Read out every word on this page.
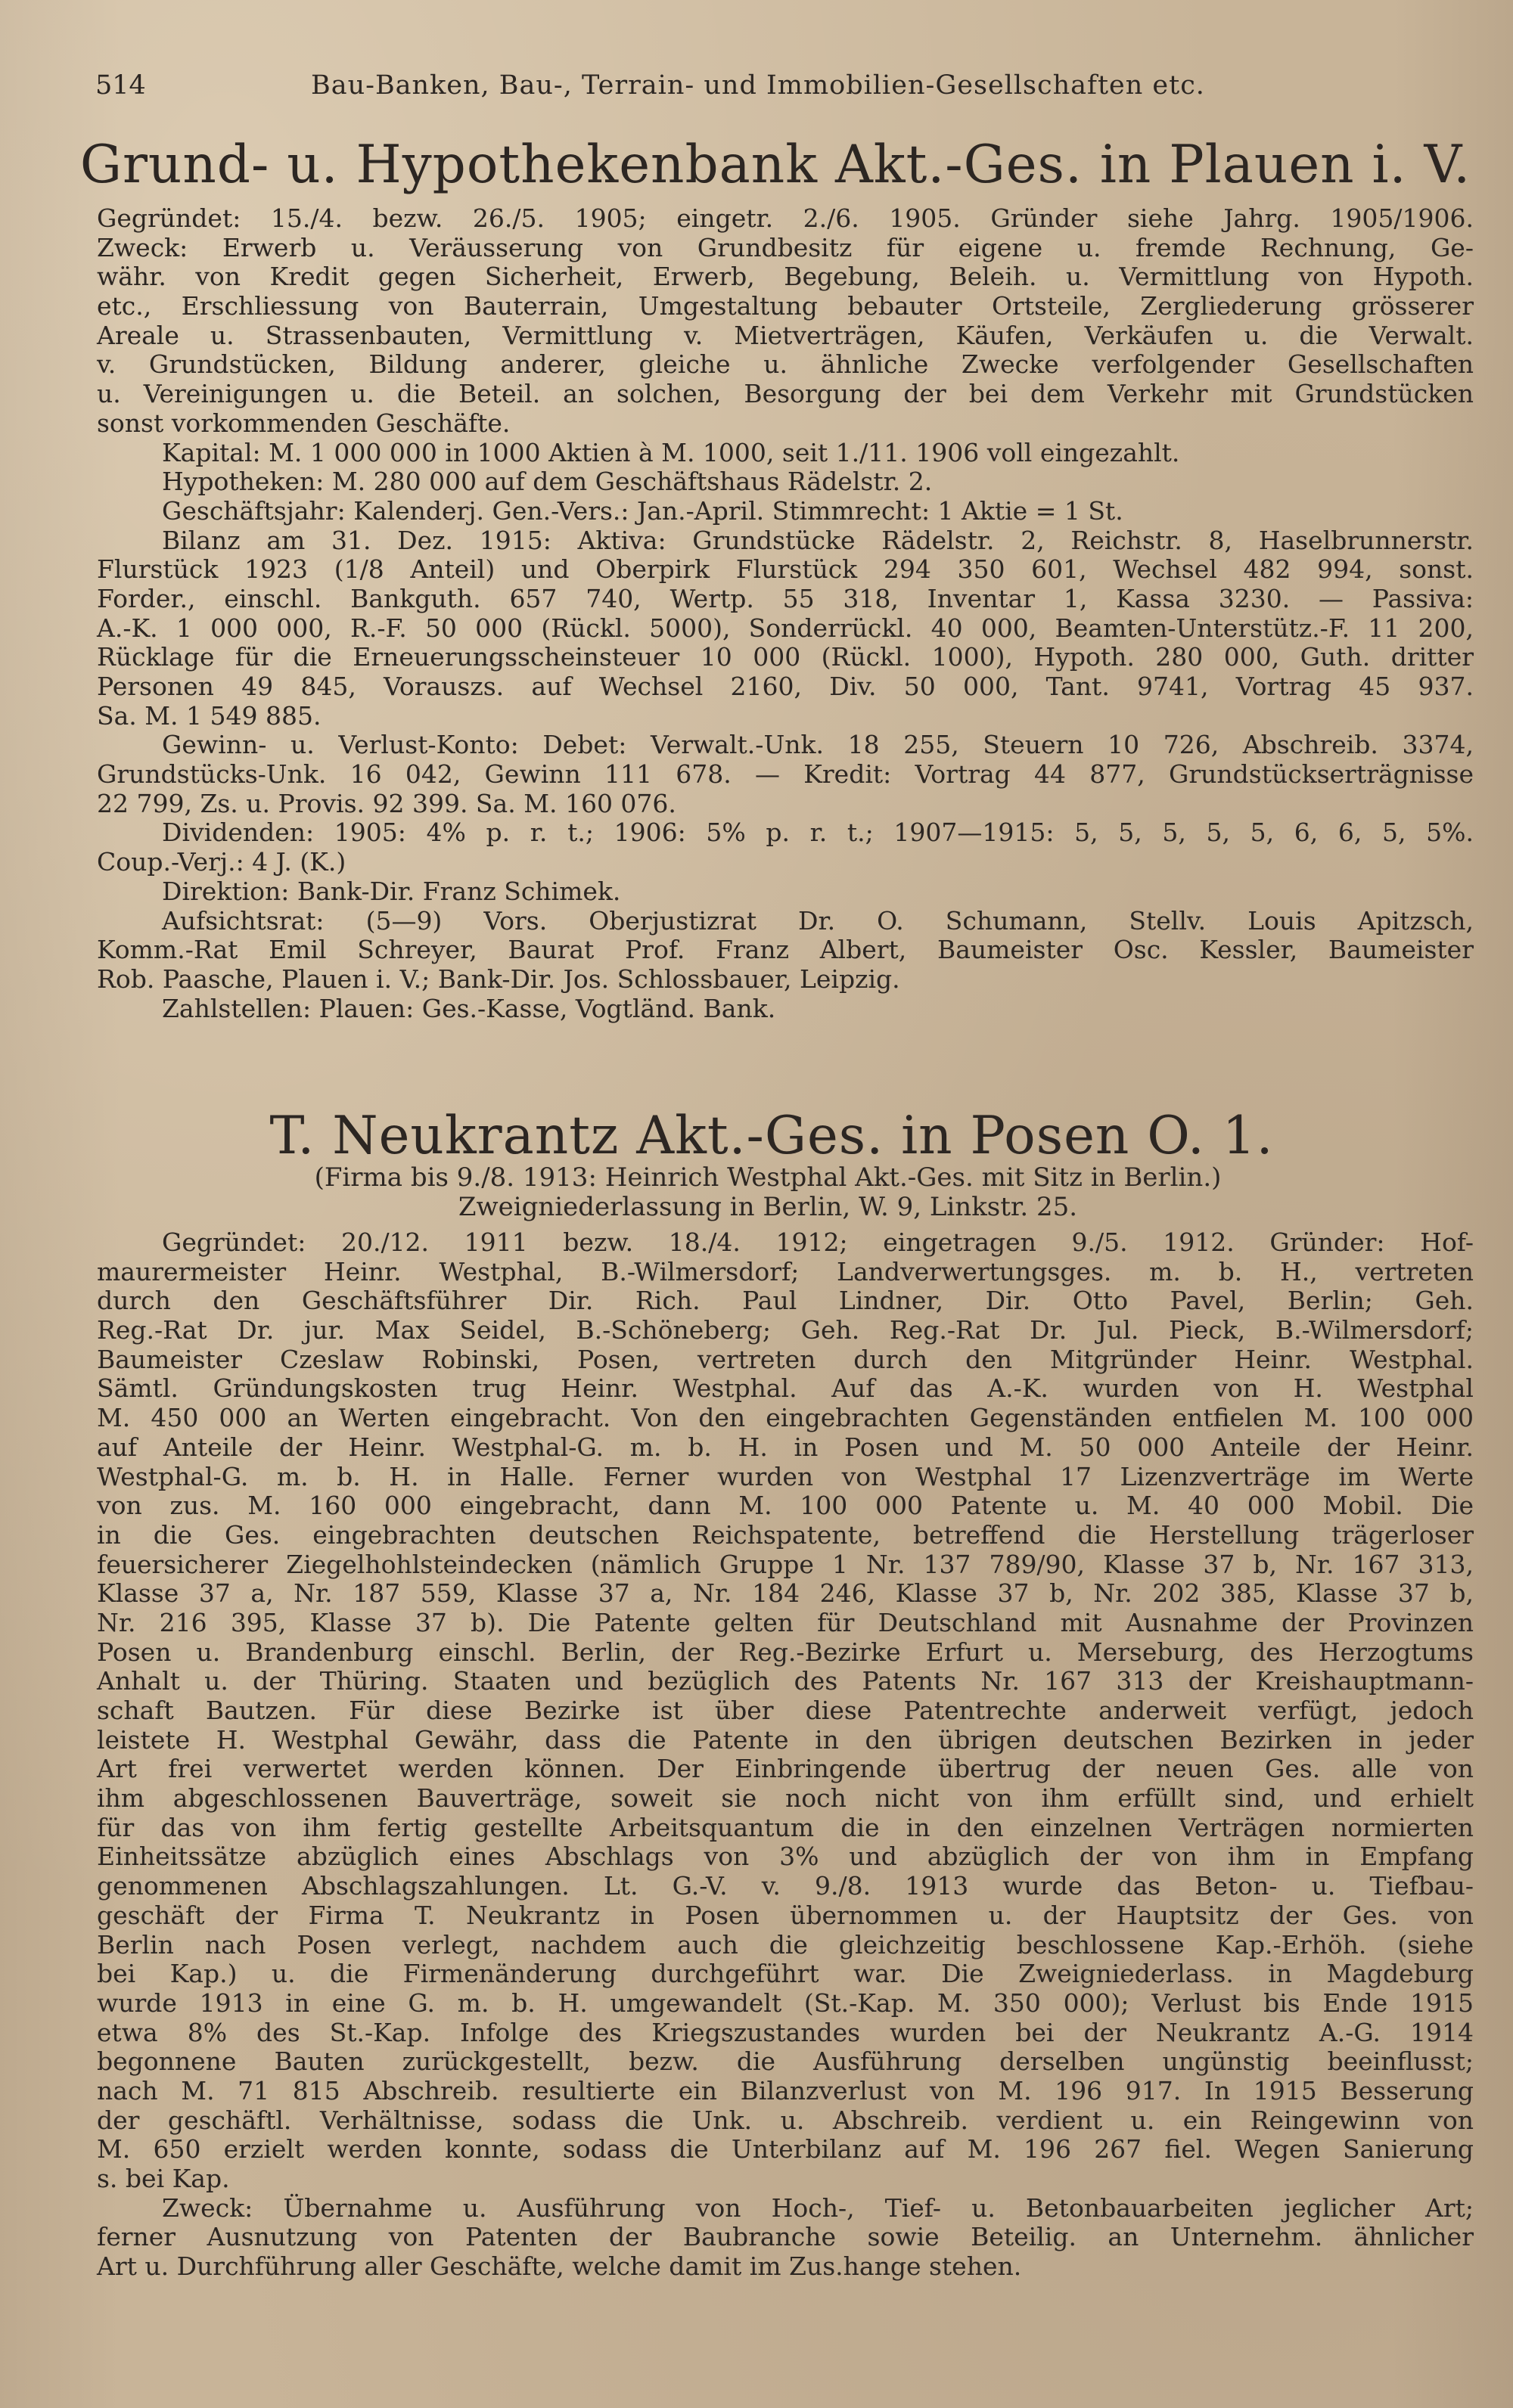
514	Bau-Banken, Bau-, Terrain- und Immobilien-Gesellschaften etc.
Grund- u. Hypothekenbank Akt.-Ges. in Plauen i. V.
Gegründet: 15./4. bezw. 26./5. 1905; eingetr. 2./6. 1905. Gründer siehe Jahrg. 1905/1906.
Zweck: Erwerb u. Veräusserung von Grundbesitz für eigene u. fremde Rechnung, Ge-
währ. von Kredit gegen Sicherheit, Erwerb, Begebung, Beleih. u. Vermittlung von Hypoth.
etc., Erschliessung von Bauterrain, Umgestaltung bebauter Ortsteile, Zergliederung grösserer
Areale u. Strassenbauten, Vermittlung v. Mietverträgen, Käufen, Verkäufen u. die Verwalt.
v. Grundstücken, Bildung anderer, gleiche u. ähnliche Zwecke verfolgender Gesellschaften
u. Vereinigungen u. die Beteil. an solchen, Besorgung der bei dem Verkehr mit Grundstücken
sonst vorkommenden Geschäfte.
Kapital: M. 1 000 000 in 1000 Aktien à M. 1000, seit 1./11. 1906 voll eingezahlt.
Hypotheken: M. 280 000 auf dem Geschäftshaus Rädelstr. 2.
Geschäftsjahr: Kalenderj. Gen.-Vers.: Jan.-April. Stimmrecht: 1 Aktie = 1 St.
Bilanz am 31. Dez. 1915: Aktiva: Grundstücke Rädelstr. 2, Reichstr. 8, Haselbrunnerstr.
Flurstück 1923 (1/8 Anteil) und Oberpirk Flurstück 294 350 601, Wechsel 482 994, sonst.
Forder., einschl. Bankguth. 657 740, Wertp. 55 318, Inventar 1, Kassa 3230. — Passiva:
A.-K. 1 000 000, R.-F. 50 000 (Rückl. 5000), Sonderrückl. 40 000, Beamten-Unterstütz.-F. 11 200,
Rücklage für die Erneuerungsscheinsteuer 10 000 (Rückl. 1000), Hypoth. 280 000, Guth. dritter
Personen 49 845, Vorauszs. auf Wechsel 2160, Div. 50 000, Tant. 9741, Vortrag 45 937.
Sa. M. 1 549 885.
Gewinn- u. Verlust-Konto: Debet: Verwalt.-Unk. 18 255, Steuern 10 726, Abschreib. 3374,
Grundstücks-Unk. 16 042, Gewinn 111 678. — Kredit: Vortrag 44 877, Grundstückserträgnisse
22 799, Zs. u. Provis. 92 399. Sa. M. 160 076.
Dividenden: 1905: 4% p. r. t.; 1906: 5% p. r. t.; 1907—1915: 5, 5, 5, 5, 5, 6, 6, 5, 5%.
Coup.-Verj.: 4 J. (K.)
Direktion: Bank-Dir. Franz Schimek.
Aufsichtsrat: (5—9) Vors. Oberjustizrat Dr. O. Schumann, Stellv. Louis Apitzsch,
Komm.-Rat Emil Schreyer, Baurat Prof. Franz Albert, Baumeister Osc. Kessler, Baumeister
Rob. Paasche, Plauen i. V.; Bank-Dir. Jos. Schlossbauer, Leipzig.
Zahlstellen: Plauen: Ges.-Kasse, Vogtländ. Bank.
T. Neukrantz Akt.-Ges. in Posen O. 1.
(Firma bis 9./8. 1913: Heinrich Westphal Akt.-Ges. mit Sitz in Berlin.)
Zweigniederlassung in Berlin, W. 9, Linkstr. 25.
Gegründet: 20./12. 1911 bezw. 18./4. 1912; eingetragen 9./5. 1912. Gründer: Hof-
maurermeister Heinr. Westphal, B.-Wilmersdorf; Landverwertungsges. m. b. H., vertreten
durch den Geschäftsführer Dir. Rich. Paul Lindner, Dir. Otto Pavel, Berlin; Geh.
Reg.-Rat Dr. jur. Max Seidel, B.-Schöneberg; Geh. Reg.-Rat Dr. Jul. Pieck, B.-Wilmersdorf;
Baumeister Czeslaw Robinski, Posen, vertreten durch den Mitgründer Heinr. Westphal.
Sämtl. Gründungskosten trug Heinr. Westphal. Auf das A.-K. wurden von H. Westphal
M. 450 000 an Werten eingebracht. Von den eingebrachten Gegenständen entfielen M. 100 000
auf Anteile der Heinr. Westphal-G. m. b. H. in Posen und M. 50 000 Anteile der Heinr.
Westphal-G. m. b. H. in Halle. Ferner wurden von Westphal 17 Lizenzverträge im Werte
von zus. M. 160 000 eingebracht, dann M. 100 000 Patente u. M. 40 000 Mobil. Die
in die Ges. eingebrachten deutschen Reichspatente, betreffend die Herstellung trägerloser
feuersicherer Ziegelhohlsteindecken (nämlich Gruppe 1 Nr. 137 789/90, Klasse 37 b, Nr. 167 313,
Klasse 37 a, Nr. 187 559, Klasse 37 a, Nr. 184 246, Klasse 37 b, Nr. 202 385, Klasse 37 b,
Nr. 216 395, Klasse 37 b). Die Patente gelten für Deutschland mit Ausnahme der Provinzen
Posen u. Brandenburg einschl. Berlin, der Reg.-Bezirke Erfurt u. Merseburg, des Herzogtums
Anhalt u. der Thüring. Staaten und bezüglich des Patents Nr. 167 313 der Kreishauptmann-
schaft Bautzen. Für diese Bezirke ist über diese Patentrechte anderweit verfügt, jedoch
leistete H. Westphal Gewähr, dass die Patente in den übrigen deutschen Bezirken in jeder
Art frei verwertet werden können. Der Einbringende übertrug der neuen Ges. alle von
ihm abgeschlossenen Bauverträge, soweit sie noch nicht von ihm erfüllt sind, und erhielt
für das von ihm fertig gestellte Arbeitsquantum die in den einzelnen Verträgen normierten
Einheitssätze abzüglich eines Abschlags von 3% und abzüglich der von ihm in Empfang
genommenen Abschlagszahlungen. Lt. G.-V. v. 9./8. 1913 wurde das Beton- u. Tiefbau-
geschäft der Firma T. Neukrantz in Posen übernommen u. der Hauptsitz der Ges. von
Berlin nach Posen verlegt, nachdem auch die gleichzeitig beschlossene Kap.-Erhöh. (siehe
bei Kap.) u. die Firmenänderung durchgeführt war. Die Zweigniederlass. in Magdeburg
wurde 1913 in eine G. m. b. H. umgewandelt (St.-Kap. M. 350 000); Verlust bis Ende 1915
etwa 8% des St.-Kap. Infolge des Kriegszustandes wurden bei der Neukrantz A.-G. 1914
begonnene Bauten zurückgestellt, bezw. die Ausführung derselben ungünstig beeinflusst;
nach M. 71 815 Abschreib. resultierte ein Bilanzverlust von M. 196 917. In 1915 Besserung
der geschäftl. Verhältnisse, sodass die Unk. u. Abschreib. verdient u. ein Reingewinn von
M. 650 erzielt werden konnte, sodass die Unterbilanz auf M. 196 267 fiel. Wegen Sanierung
s. bei Kap.
Zweck: Übernahme u. Ausführung von Hoch-, Tief- u. Betonbauarbeiten jeglicher Art;
ferner Ausnutzung von Patenten der Baubranche sowie Beteilig. an Unternehm. ähnlicher
Art u. Durchführung aller Geschäfte, welche damit im Zus.hange stehen.
